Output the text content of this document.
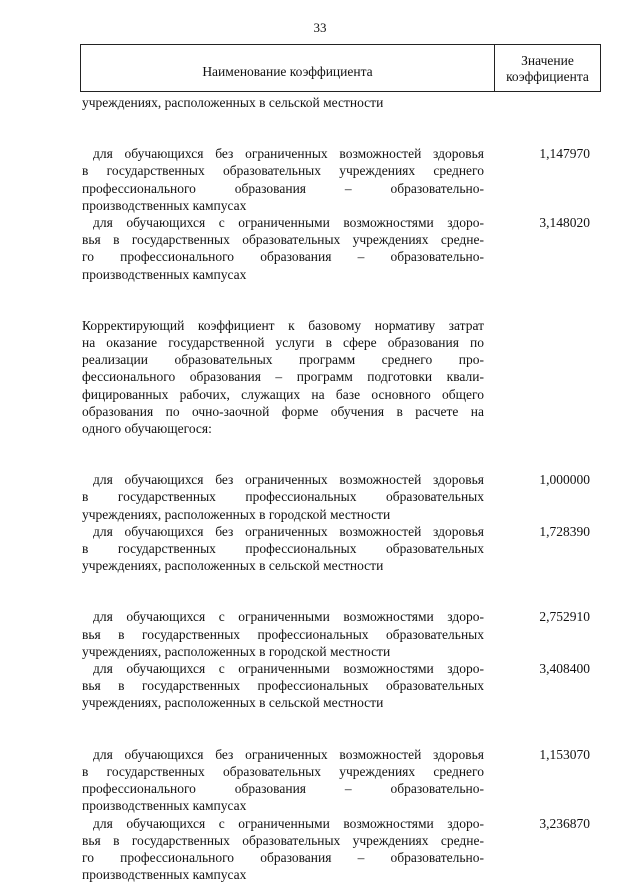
33
Наименование коэффициента
Значение
коэффициента
учреждениях, расположенных в сельской местности
для обучающихся без ограниченных возможностей здоровья
в государственных образовательных учреждениях среднего
профессионального образования – образовательно-
производственных кампусах
1,147970
для обучающихся с ограниченными возможностями здоро-
вья в государственных образовательных учреждениях средне-
го профессионального образования – образовательно-
производственных кампусах
3,148020
Корректирующий коэффициент к базовому нормативу затрат
на оказание государственной услуги в сфере образования по
реализации образовательных программ среднего про-
фессионального образования – программ подготовки квали-
фицированных рабочих, служащих на базе основного общего
образования по очно-заочной форме обучения в расчете на
одного обучающегося:
для обучающихся без ограниченных возможностей здоровья
в государственных профессиональных образовательных
учреждениях, расположенных в городской местности
1,000000
для обучающихся без ограниченных возможностей здоровья
в государственных профессиональных образовательных
учреждениях, расположенных в сельской местности
1,728390
для обучающихся с ограниченными возможностями здоро-
вья в государственных профессиональных образовательных
учреждениях, расположенных в городской местности
2,752910
для обучающихся с ограниченными возможностями здоро-
вья в государственных профессиональных образовательных
учреждениях, расположенных в сельской местности
3,408400
для обучающихся без ограниченных возможностей здоровья
в государственных образовательных учреждениях среднего
профессионального образования – образовательно-
производственных кампусах
1,153070
для обучающихся с ограниченными возможностями здоро-
вья в государственных образовательных учреждениях средне-
го профессионального образования – образовательно-
производственных кампусах
3,236870
